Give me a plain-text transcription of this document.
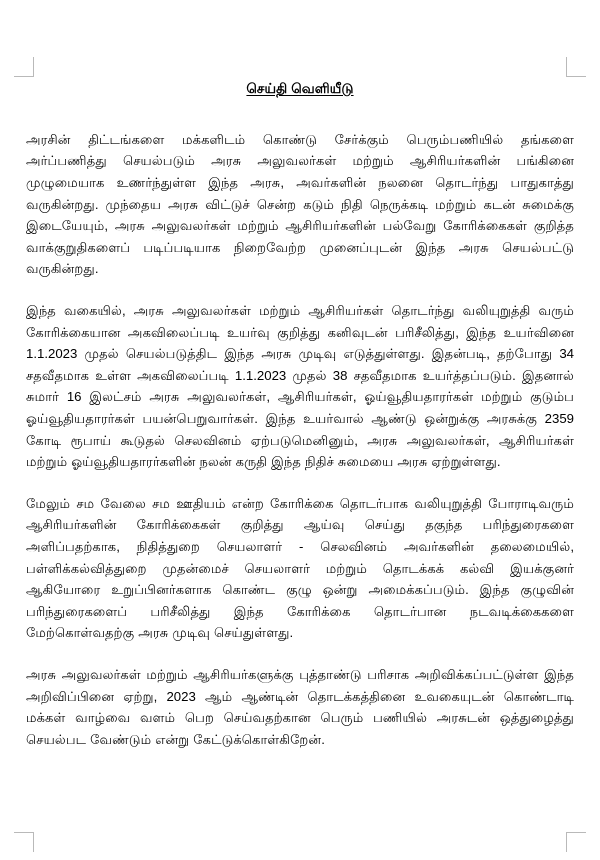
செய்தி வெளியீடு

அரசின் திட்டங்களை மக்களிடம் கொண்டு சேர்க்கும் பெரும்பணியில் தங்களை அர்ப்பணித்து செயல்படும் அரசு அலுவலர்கள் மற்றும் ஆசிரியர்களின் பங்கினை முழுமையாக உணர்ந்துள்ள இந்த அரசு, அவர்களின் நலனை தொடர்ந்து பாதுகாத்து வருகின்றது. முந்தைய அரசு விட்டுச் சென்ற கடும் நிதி நெருக்கடி மற்றும் கடன் சுமைக்கு இடையேயும், அரசு அலுவலர்கள் மற்றும் ஆசிரியர்களின் பல்வேறு கோரிக்கைகள் குறித்த வாக்குறுதிகளைப் படிப்படியாக நிறைவேற்ற முனைப்புடன் இந்த அரசு செயல்பட்டு வருகின்றது.

இந்த வகையில், அரசு அலுவலர்கள் மற்றும் ஆசிரியர்கள் தொடர்ந்து வலியுறுத்தி வரும் கோரிக்கையான அகவிலைப்படி உயர்வு குறித்து கனிவுடன் பரிசீலித்து, இந்த உயர்வினை 1.1.2023 முதல் செயல்படுத்திட இந்த அரசு முடிவு எடுத்துள்ளது. இதன்படி, தற்போது 34 சதவீதமாக உள்ள அகவிலைப்படி 1.1.2023 முதல் 38 சதவீதமாக உயர்த்தப்படும். இதனால் சுமார் 16 இலட்சம் அரசு அலுவலர்கள், ஆசிரியர்கள், ஓய்வூதியதாரர்கள் மற்றும் குடும்ப ஓய்வூதியதாரர்கள் பயன்பெறுவார்கள். இந்த உயர்வால் ஆண்டு ஒன்றுக்கு அரசுக்கு 2359 கோடி ரூபாய் கூடுதல் செலவினம் ஏற்படுமெனினும், அரசு அலுவலர்கள், ஆசிரியர்கள் மற்றும் ஓய்வூதியதாரர்களின் நலன் கருதி இந்த நிதிச் சுமையை அரசு ஏற்றுள்ளது.

மேலும் சம வேலை சம ஊதியம் என்ற கோரிக்கை தொடர்பாக வலியுறுத்தி போராடிவரும் ஆசிரியர்களின் கோரிக்கைகள் குறித்து ஆய்வு செய்து தகுந்த பரிந்துரைகளை அளிப்பதற்காக, நிதித்துறை செயலாளர் - செலவினம் அவர்களின் தலைமையில், பள்ளிக்கல்வித்துறை முதன்மைச் செயலாளர் மற்றும் தொடக்கக் கல்வி இயக்குனர் ஆகியோரை உறுப்பினர்களாக கொண்ட குழு ஒன்று அமைக்கப்படும். இந்த குழுவின் பரிந்துரைகளைப் பரிசீலித்து இந்த கோரிக்கை தொடர்பான நடவடிக்கைகளை மேற்கொள்வதற்கு அரசு முடிவு செய்துள்ளது.

அரசு அலுவலர்கள் மற்றும் ஆசிரியர்களுக்கு புத்தாண்டு பரிசாக அறிவிக்கப்பட்டுள்ள இந்த அறிவிப்பினை ஏற்று, 2023 ஆம் ஆண்டின் தொடக்கத்தினை உவகையுடன் கொண்டாடி மக்கள் வாழ்வை வளம் பெற செய்வதற்கான பெரும் பணியில் அரசுடன் ஒத்துழைத்து செயல்பட வேண்டும் என்று கேட்டுக்கொள்கிறேன்.
